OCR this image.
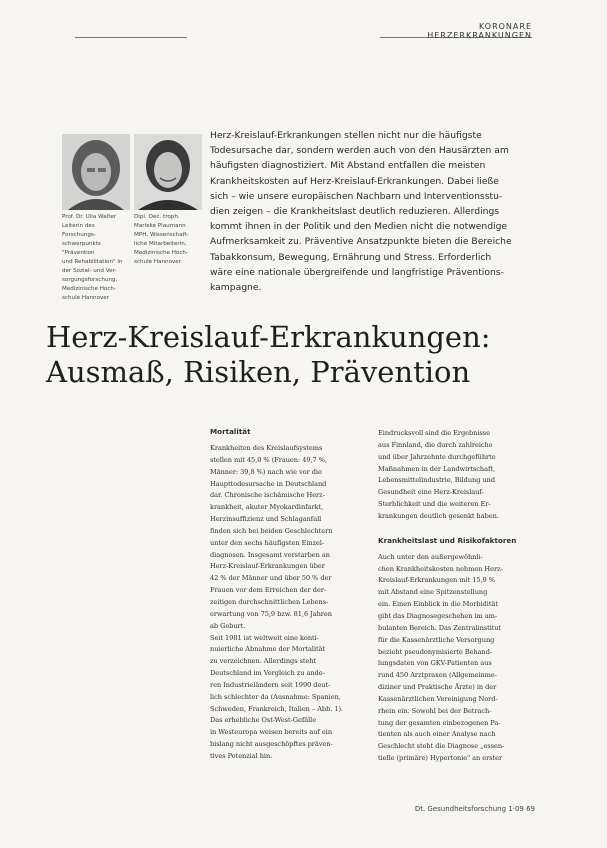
KORONARE HERZERKRANKUNGEN
Prof. Dr. Ulla Walter
Leiterin des Forschungs-
schwerpunkts "Prävention
und Rehabilitation" in
der Sozial- und Ver-
sorgungsforschung,
Medizinische Hoch-
schule Hannover
Dipl. Oec. troph.
Marieke Plaumann
MPH, Wissenschaft-
liche Mitarbeiterin,
Medizinische Hoch-
schule Hannover
Herz-Kreislauf-Erkrankungen stellen nicht nur die häufigste
Todesursache dar, sondern werden auch von den Hausärzten am
häufigsten diagnostiziert. Mit Abstand entfallen die meisten
Krankheitskosten auf Herz-Kreislauf-Erkrankungen. Dabei ließe
sich – wie unsere europäischen Nachbarn und Interventionsstu-
dien zeigen – die Krankheitslast deutlich reduzieren. Allerdings
kommt ihnen in der Politik und den Medien nicht die notwendige
Aufmerksamkeit zu. Präventive Ansatzpunkte bieten die Bereiche
Tabakkonsum, Bewegung, Ernährung und Stress. Erforderlich
wäre eine nationale übergreifende und langfristige Präventions-
kampagne.
Herz-Kreislauf-Erkrankungen:
Ausmaß, Risiken, Prävention
Mortalität
Krankheiten des Kreislaufsystems
stellen mit 45,0 % (Frauen: 49,7 %,
Männer: 39,8 %) nach wie vor die
Haupttodesursache in Deutschland
dar. Chronische ischämische Herz-
krankheit, akuter Myokardinfarkt,
Herzinsuffizienz und Schlaganfall
finden sich bei beiden Geschlechtern
unter den sechs häufigsten Einzel-
diagnosen. Insgesamt verstarben an
Herz-Kreislauf-Erkrankungen über
42 % der Männer und über 50 % der
Frauen vor dem Erreichen der der-
zeitigen durchschnittlichen Lebens-
erwartung von 75,9 bzw. 81,6 Jahren
ab Geburt.
Seit 1981 ist weltweit eine konti-
nuierliche Abnahme der Mortalität
zu verzeichnen. Allerdings steht
Deutschland im Vergleich zu ande-
ren Industrieländern seit 1990 deut-
lich schlechter da (Ausnahme: Spanien,
Schweden, Frankreich, Italien – Abb. 1).
Das erhebliche Ost-West-Gefälle
in Westeuropa weisen bereits auf ein
bislang nicht ausgeschöpftes präven-
tives Potenzial hin.
Eindrucksvoll sind die Ergebnisse
aus Finnland, die durch zahlreiche
und über Jahrzehnte durchgeführte
Maßnahmen in der Landwirtschaft,
Lebensmittelindustrie, Bildung und
Gesundheit eine Herz-Kreislauf-
Sterblichkeit und die weiteren Er-
krankungen deutlich gesenkt haben.
Krankheitslast und Risikofaktoren
Auch unter den außergewöhnli-
chen Krankheitskosten nehmen Herz-
Kreislauf-Erkrankungen mit 15,9 %
mit Abstand eine Spitzenstellung
ein. Einen Einblick in die Morbidität
gibt das Diagnosegeschehen im am-
bulanten Bereich. Das Zentralinstitut
für die Kassenärztliche Versorgung
bezieht pseudonymisierte Behand-
lungsdaten von GKV-Patienten aus
rund 450 Arztpraxen (Allgemeinme-
diziner und Praktische Ärzte) in der
Kassenärztlichen Vereinigung Nord-
rhein ein. Sowohl bei der Betrach-
tung der gesamten einbezogenen Pa-
tienten als auch einer Analyse nach
Geschlecht steht die Diagnose „essen-
tielle (primäre) Hypertonie" an erster
Dt. Gesundheitsforschung 1·09 69
